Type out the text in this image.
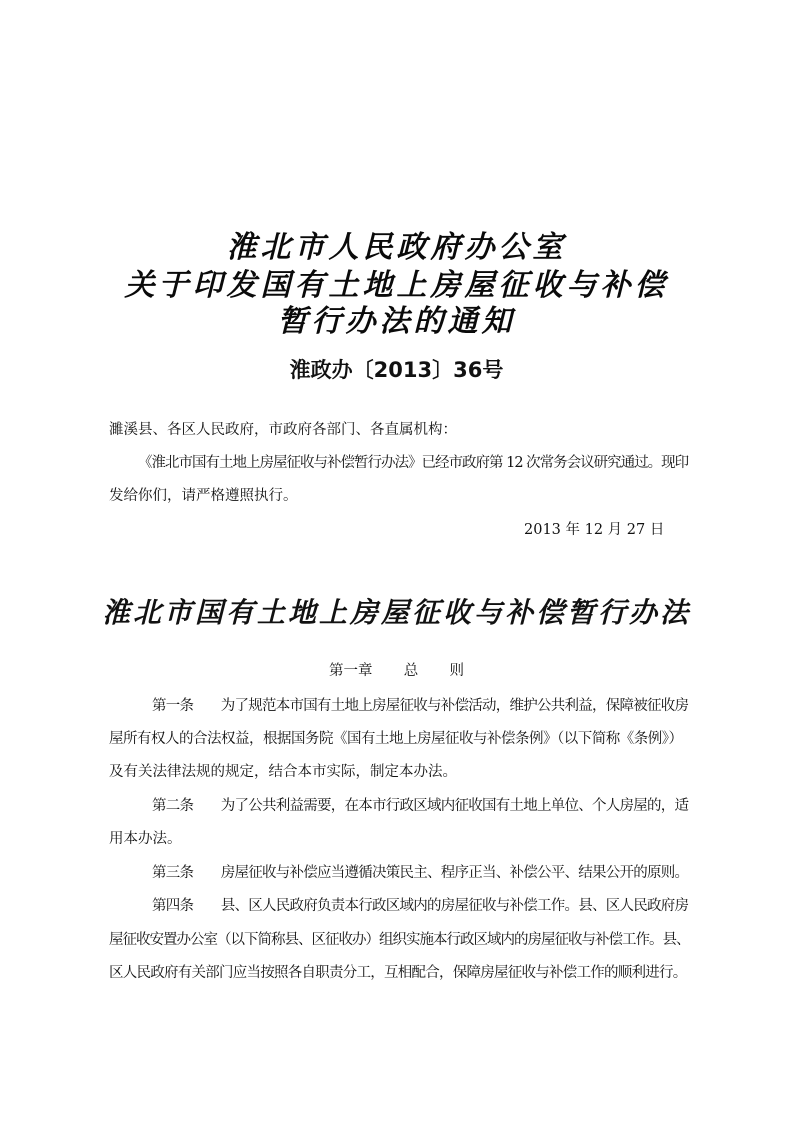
淮北市人民政府办公室
关于印发国有土地上房屋征收与补偿
暂行办法的通知
淮政办〔2013〕36号
濉溪县、各区人民政府，市政府各部门、各直属机构：
《淮北市国有土地上房屋征收与补偿暂行办法》已经市政府第 12 次常务会议研究通过。现印
发给你们，请严格遵照执行。
2013 年 12 月 27 日
淮北市国有土地上房屋征收与补偿暂行办法
第一章 总 则
第一条　　为了规范本市国有土地上房屋征收与补偿活动，维护公共利益，保障被征收房
屋所有权人的合法权益，根据国务院《国有土地上房屋征收与补偿条例》（以下简称《条例》）
及有关法律法规的规定，结合本市实际，制定本办法。
第二条　　为了公共利益需要，在本市行政区域内征收国有土地上单位、个人房屋的，适
用本办法。
第三条　　房屋征收与补偿应当遵循决策民主、程序正当、补偿公平、结果公开的原则。
第四条　　县、区人民政府负责本行政区域内的房屋征收与补偿工作。县、区人民政府房
屋征收安置办公室（以下简称县、区征收办）组织实施本行政区域内的房屋征收与补偿工作。县、
区人民政府有关部门应当按照各自职责分工，互相配合，保障房屋征收与补偿工作的顺利进行。
